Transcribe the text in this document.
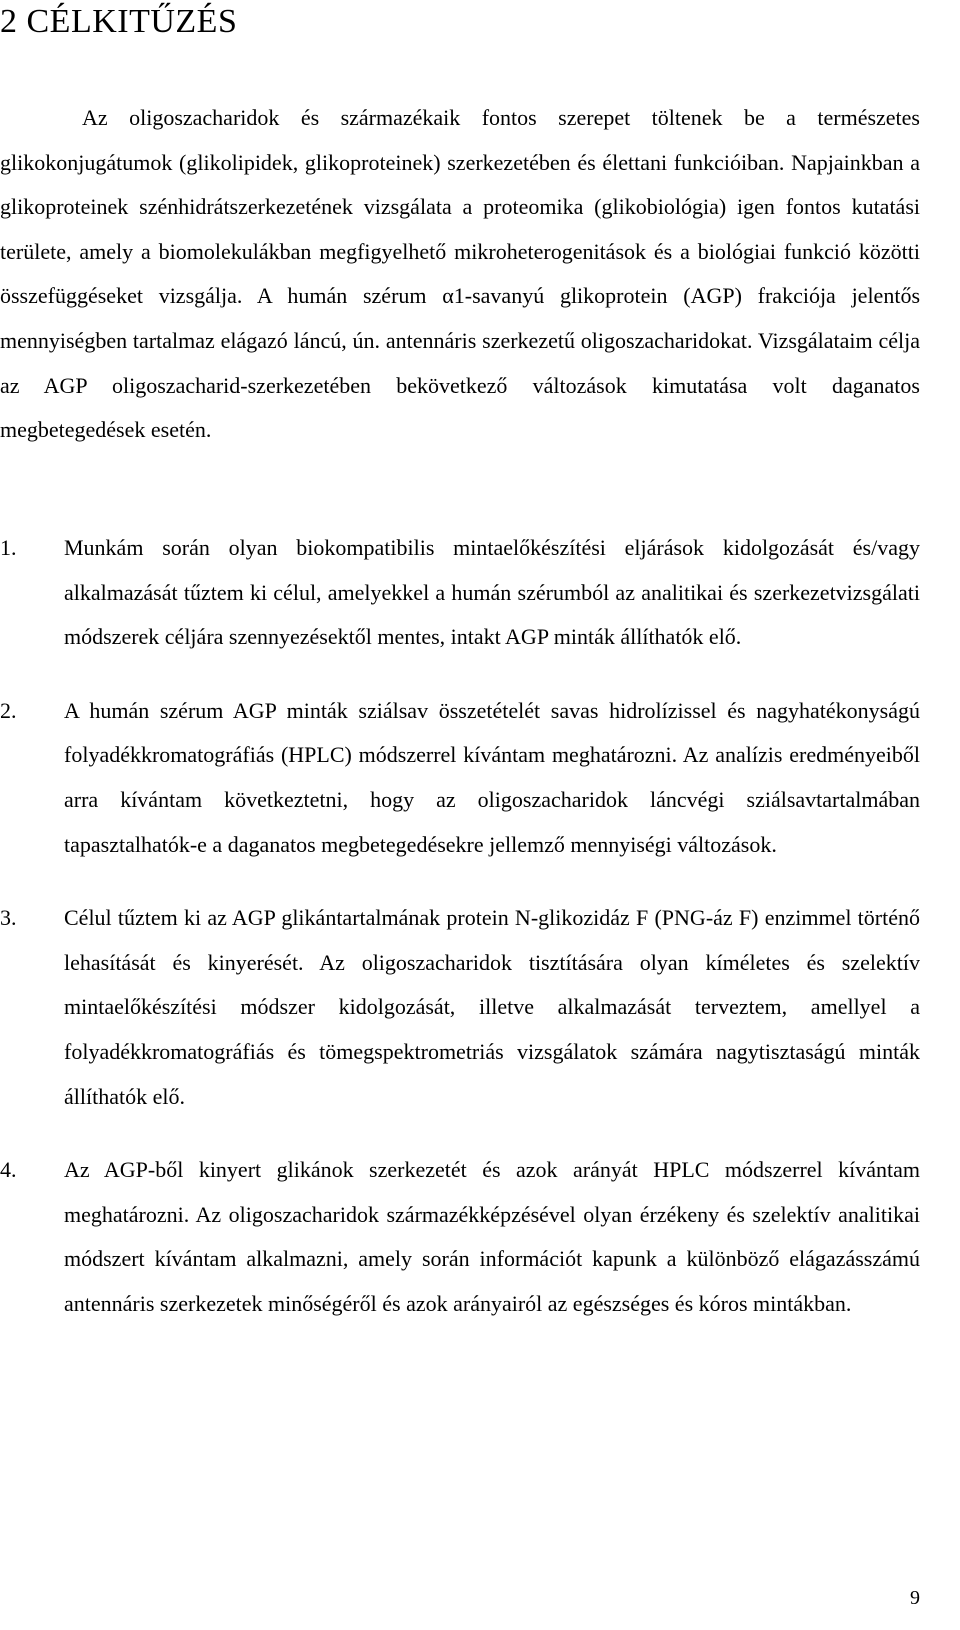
2 CÉLKITŰZÉS

Az oligoszacharidok és származékaik fontos szerepet töltenek be a természetes glikokonjugátumok (glikolipidek, glikoproteinek) szerkezetében és élettani funkcióiban. Napjainkban a glikoproteinek szénhidrátszerkezetének vizsgálata a proteomika (glikobiológia) igen fontos kutatási területe, amely a biomolekulákban megfigyelhető mikroheterogenitások és a biológiai funkció közötti összefüggéseket vizsgálja. A humán szérum α1-savanyú glikoprotein (AGP) frakciója jelentős mennyiségben tartalmaz elágazó láncú, ún. antennáris szerkezetű oligoszacharidokat. Vizsgálataim célja az AGP oligoszacharid-szerkezetében bekövetkező változások kimutatása volt daganatos megbetegedések esetén.

1. Munkám során olyan biokompatibilis mintaelőkészítési eljárások kidolgozását és/vagy alkalmazását tűztem ki célul, amelyekkel a humán szérumból az analitikai és szerkezetvizsgálati módszerek céljára szennyezésektől mentes, intakt AGP minták állíthatók elő.
2. A humán szérum AGP minták sziálsav összetételét savas hidrolízissel és nagyhatékonyságú folyadékkromatográfiás (HPLC) módszerrel kívántam meghatározni. Az analízis eredményeiből arra kívántam következtetni, hogy az oligoszacharidok láncvégi sziálsavtartalmában tapasztalhatók-e a daganatos megbetegedésekre jellemző mennyiségi változások.
3. Célul tűztem ki az AGP glikántartalmának protein N-glikozidáz F (PNG-áz F) enzimmel történő lehasítását és kinyerését. Az oligoszacharidok tisztítására olyan kíméletes és szelektív mintaelőkészítési módszer kidolgozását, illetve alkalmazását terveztem, amellyel a folyadékkromatográfiás és tömegspektrometriás vizsgálatok számára nagytisztaságú minták állíthatók elő.
4. Az AGP-ből kinyert glikánok szerkezetét és azok arányát HPLC módszerrel kívántam meghatározni. Az oligoszacharidok származékképzésével olyan érzékeny és szelektív analitikai módszert kívántam alkalmazni, amely során információt kapunk a különböző elágazásszámú antennáris szerkezetek minőségéről és azok arányairól az egészséges és kóros mintákban.
9
